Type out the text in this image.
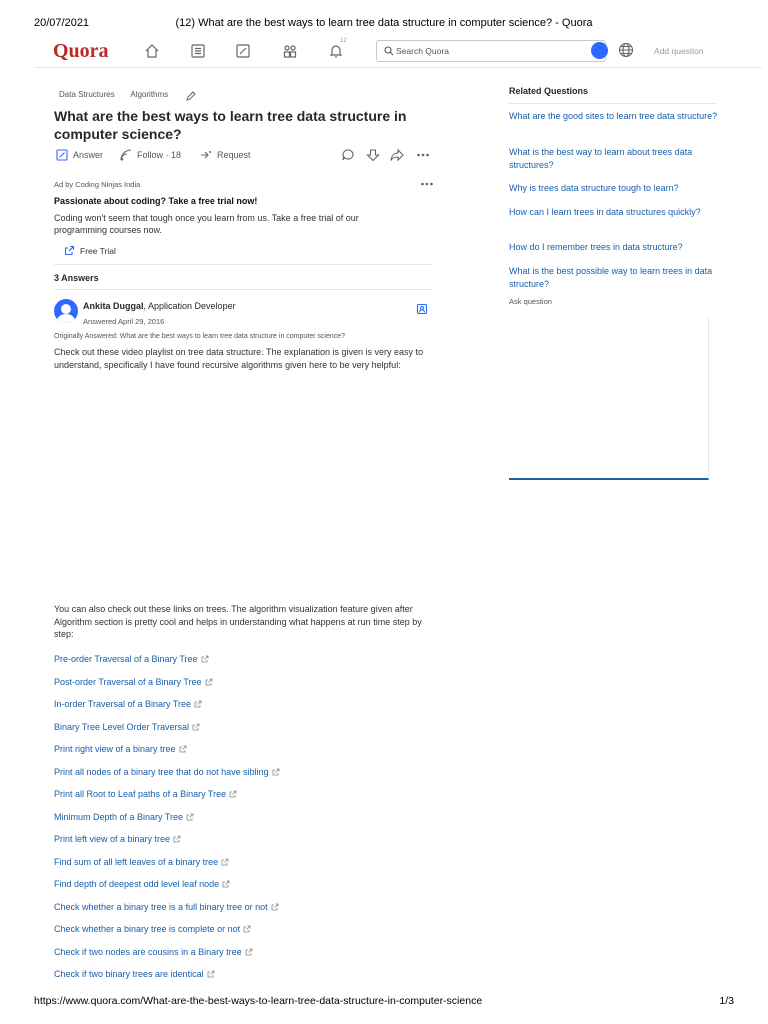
20/07/2021	(12) What are the best ways to learn tree data structure in computer science? - Quora
Quora	12
Search Quora
Add question
Data Structures Algorithms
What are the best ways to learn tree data structure in computer science?
Answer	Follow · 18	Request
Ad by Coding Ninjas India
Passionate about coding? Take a free trial now!
Coding won't seem that tough once you learn from us. Take a free trial of our programming courses now.
Free Trial
3 Answers
Ankita Duggal, Application Developer
Answered April 29, 2016
Originally Answered: What are the best ways to learn tree data structure in computer science?
Check out these video playlist on tree data structure. The explanation is given is very easy to understand, specifically I have found recursive algorithms given here to be very helpful:
You can also check out these links on trees. The algorithm visualization feature given after Algorithm section is pretty cool and helps in understanding what happens at run time step by step:
Pre-order Traversal of a Binary Tree
Post-order Traversal of a Binary Tree
In-order Traversal of a Binary Tree
Binary Tree Level Order Traversal
Print right view of a binary tree
Print all nodes of a binary tree that do not have sibling
Print all Root to Leaf paths of a Binary Tree
Minimum Depth of a Binary Tree
Print left view of a binary tree
Find sum of all left leaves of a binary tree
Find depth of deepest odd level leaf node
Check whether a binary tree is a full binary tree or not
Check whether a binary tree is complete or not
Check if two nodes are cousins in a Binary tree
Check if two binary trees are identical
Related Questions
What are the good sites to learn tree data structure?
What is the best way to learn about trees data structures?
Why is trees data structure tough to learn?
How can I learn trees in data structures quickly?
How do I remember trees in data structure?
What is the best possible way to learn trees in data structure?
Ask question
https://www.quora.com/What-are-the-best-ways-to-learn-tree-data-structure-in-computer-science	1/3
